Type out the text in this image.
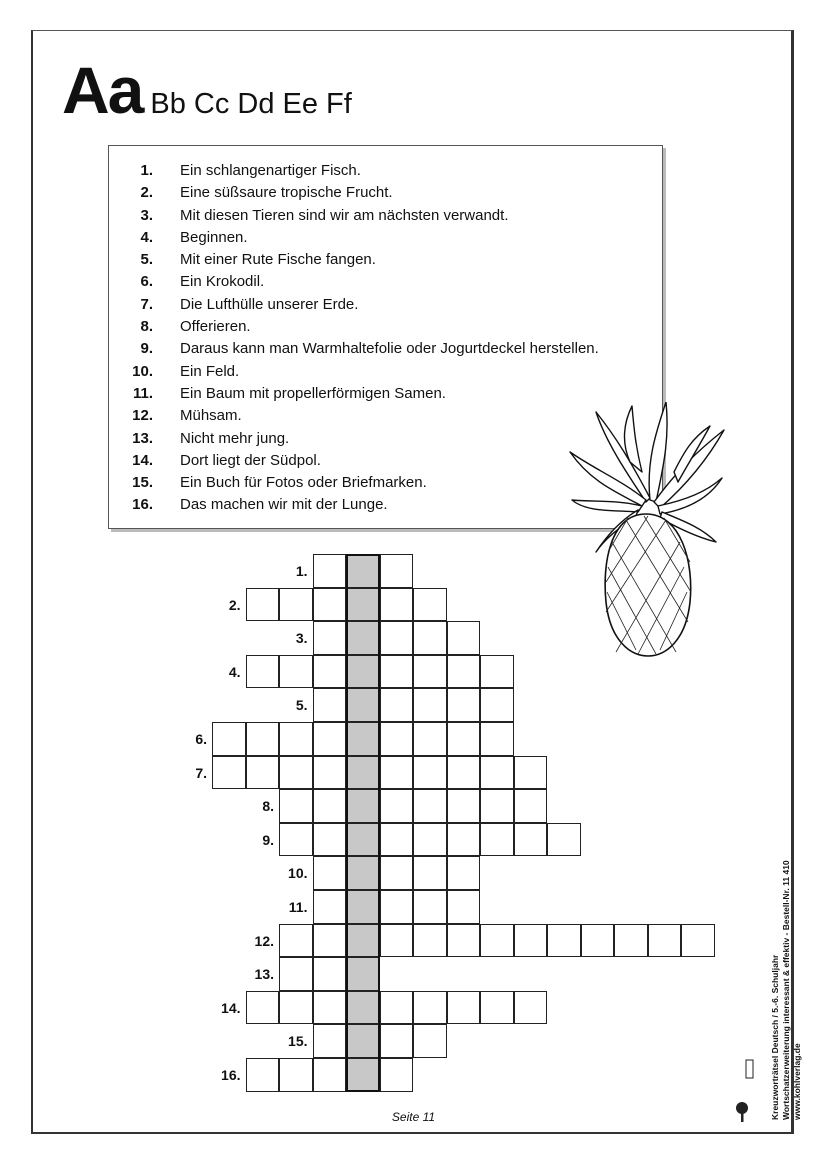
Aa Bb Cc Dd Ee Ff
1. Ein schlangenartiger Fisch.
2. Eine süßsaure tropische Frucht.
3. Mit diesen Tieren sind wir am nächsten verwandt.
4. Beginnen.
5. Mit einer Rute Fische fangen.
6. Ein Krokodil.
7. Die Lufthülle unserer Erde.
8. Offerieren.
9. Daraus kann man Warmhaltefolie oder Jogurtdeckel herstellen.
10. Ein Feld.
11. Ein Baum mit propellerförmigen Samen.
12. Mühsam.
13. Nicht mehr jung.
14. Dort liegt der Südpol.
15. Ein Buch für Fotos oder Briefmarken.
16. Das machen wir mit der Lunge.
1.
2.
3.
4.
5.
6.
7.
8.
9.
10.
11.
12.
13.
14.
15.
16.
Seite 11	Kreuzworträtsel Deutsch / 5.-6. Schuljahr Wortschatzerweiterung interessant & effektiv - Bestell-Nr. 11 410 www.kohlverlag.de
